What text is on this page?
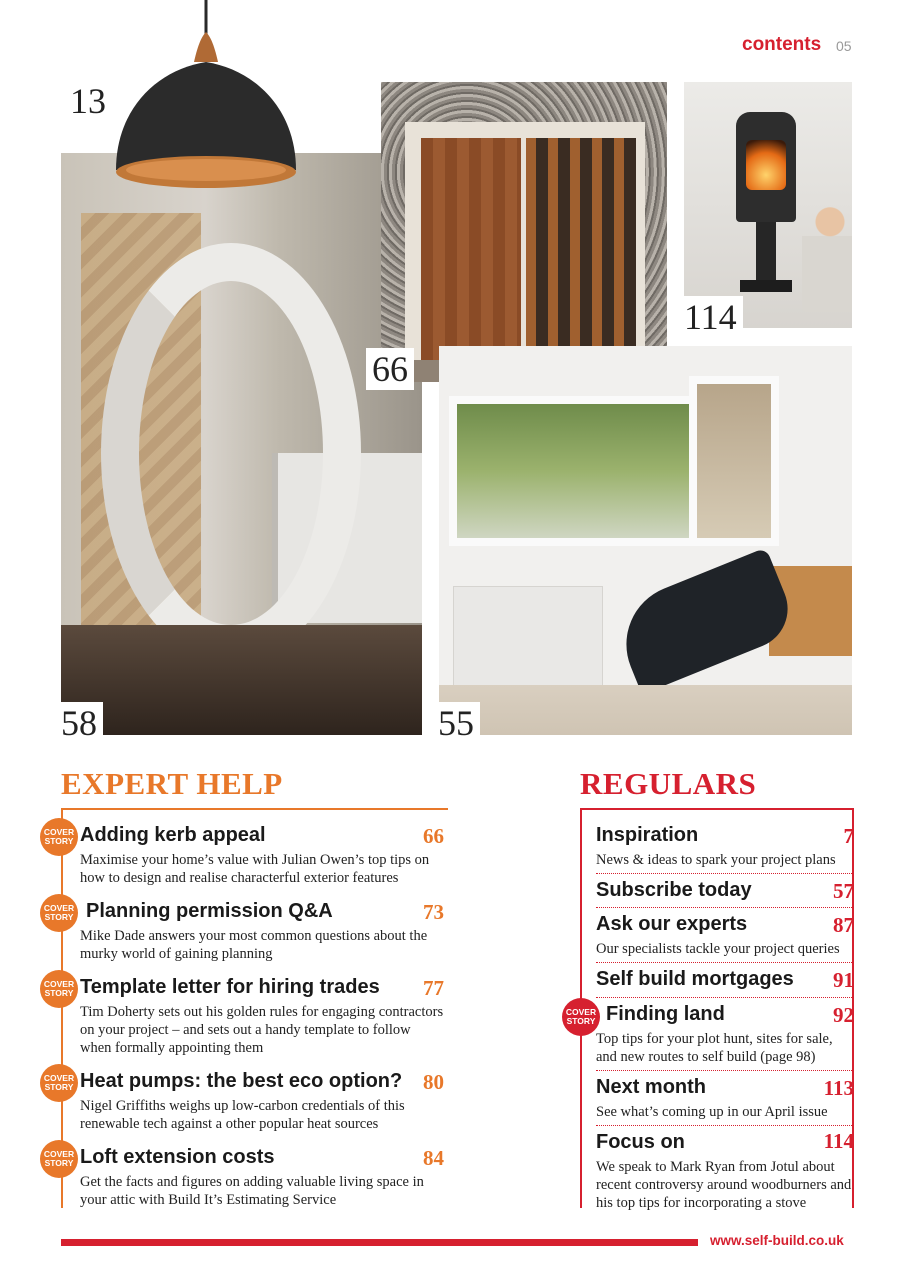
contents 05
13
66
114
58	55
EXPERT HELP
COVER
STORY Adding kerb appeal	66
Maximise your home’s value with Julian Owen’s top tips on how to design and realise characterful exterior features
COVER
STORY Planning permission Q&A	73
Mike Dade answers your most common questions about the murky world of gaining planning
COVER
STORY Template letter for hiring trades	77
Tim Doherty sets out his golden rules for engaging contractors on your project – and sets out a handy template to follow when formally appointing them
COVER
STORY Heat pumps: the best eco option? 80
Nigel Griffiths weighs up low-carbon credentials of this renewable tech against a other popular heat sources
COVER
STORY Loft extension costs	84
Get the facts and figures on adding valuable living space in your attic with Build It’s Estimating Service
REGULARS
Inspiration	7
News & ideas to spark your project plans
Subscribe today	57
Ask our experts	87
Our specialists tackle your project queries
Self build mortgages	91
COVER
STORY Finding land	92
Top tips for your plot hunt, sites for sale, and new routes to self build (page 98)
Next month	113
See what’s coming up in our April issue
Focus on	114
We speak to Mark Ryan from Jotul about recent controversy around woodburners and his top tips for incorporating a stove
www.self-build.co.uk
